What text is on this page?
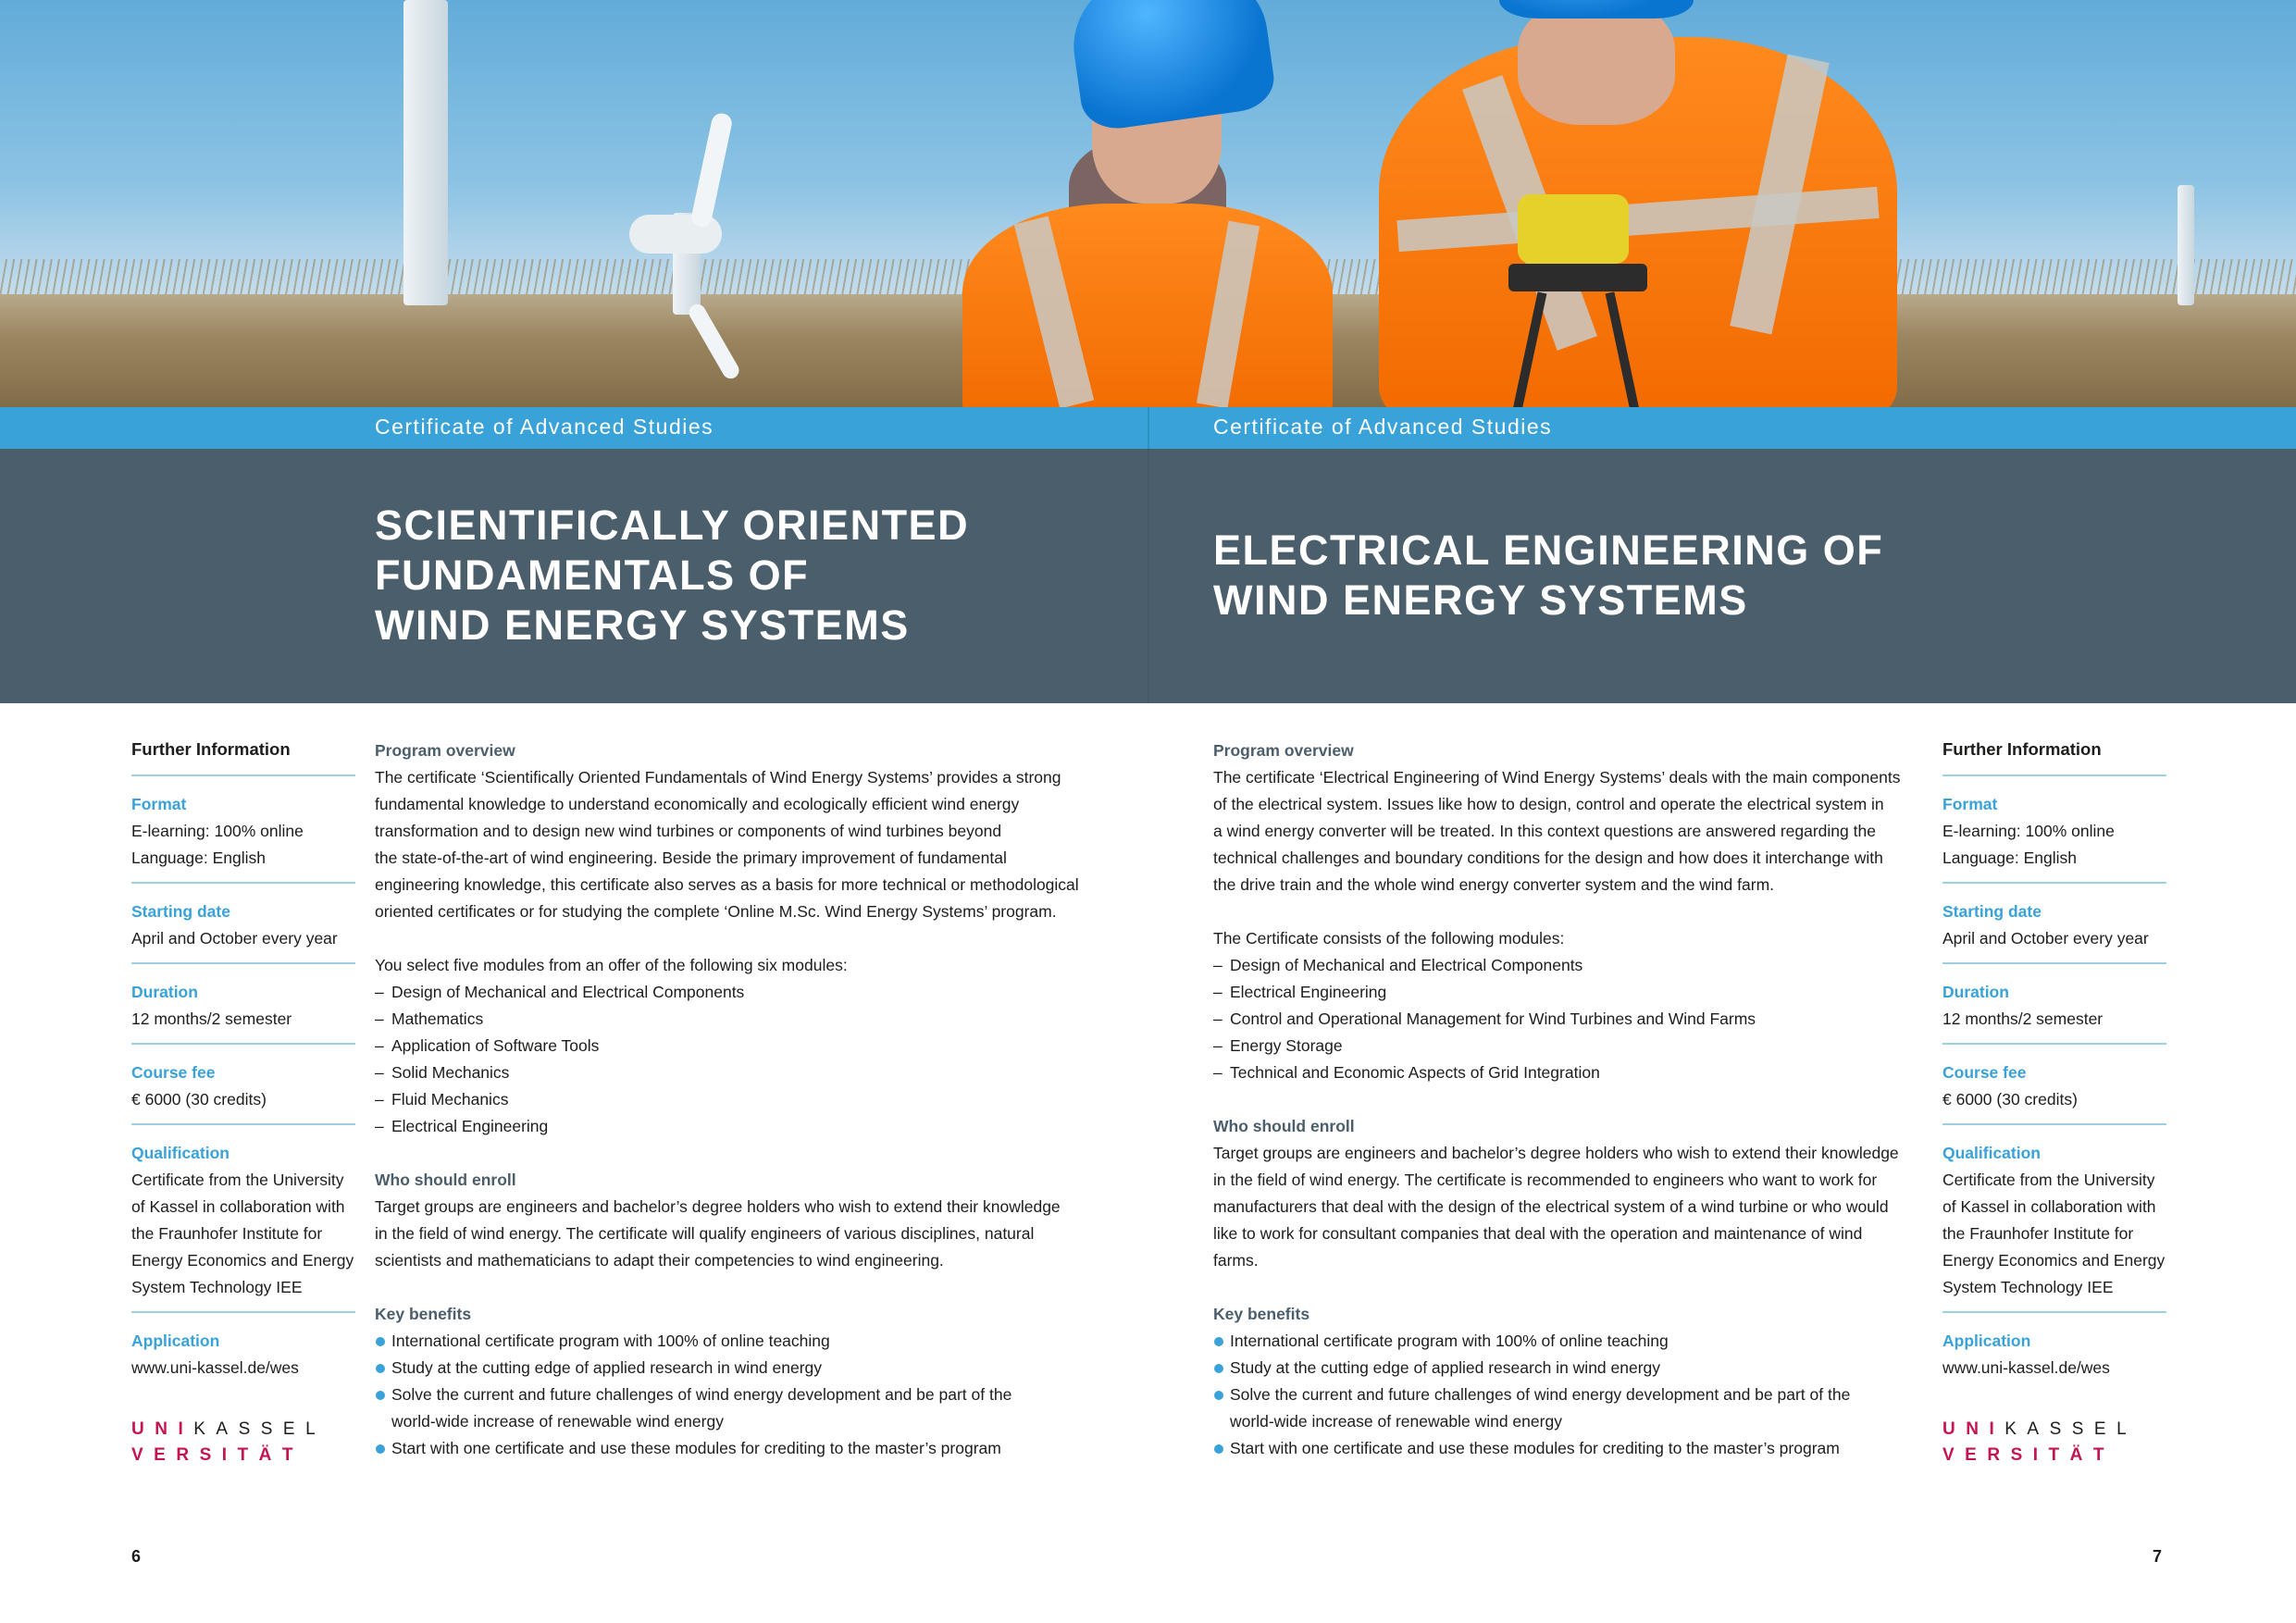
Certificate of Advanced Studies	Certificate of Advanced Studies
SCIENTIFICALLY ORIENTED
FUNDAMENTALS OF
WIND ENERGY SYSTEMS
ELECTRICAL ENGINEERING OF
WIND ENERGY SYSTEMS
Further Information
Format
E-learning: 100% online
Language: English
Starting date
April and October every year
Duration
12 months/2 semester
Course fee
€ 6000 (30 credits)
Qualification
Certificate from the University
of Kassel in collaboration with
the Fraunhofer Institute for
Energy Economics and Energy
System Technology IEE
Application
www.uni-kassel.de/wes
UNIKASSEL
VERSITÄT
Program overview
The certificate ‘Scientifically Oriented Fundamentals of Wind Energy Systems’ provides a strong
fundamental knowledge to understand economically and ecologically efficient wind energy
transformation and to design new wind turbines or components of wind turbines beyond
the state-of-the-art of wind engineering. Beside the primary improvement of fundamental
engineering knowledge, this certificate also serves as a basis for more technical or methodological
oriented certificates or for studying the complete ‘Online M.Sc. Wind Energy Systems’ program.
You select five modules from an offer of the following six modules:
– Design of Mechanical and Electrical Components
– Mathematics
– Application of Software Tools
– Solid Mechanics
– Fluid Mechanics
– Electrical Engineering
Who should enroll
Target groups are engineers and bachelor’s degree holders who wish to extend their knowledge
in the field of wind energy. The certificate will qualify engineers of various disciplines, natural
scientists and mathematicians to adapt their competencies to wind engineering.
Key benefits
International certificate program with 100% of online teaching
Study at the cutting edge of applied research in wind energy
Solve the current and future challenges of wind energy development and be part of the
world-wide increase of renewable wind energy
Start with one certificate and use these modules for crediting to the master’s program
Program overview
The certificate ‘Electrical Engineering of Wind Energy Systems’ deals with the main components
of the electrical system. Issues like how to design, control and operate the electrical system in
a wind energy converter will be treated. In this context questions are answered regarding the
technical challenges and boundary conditions for the design and how does it interchange with
the drive train and the whole wind energy converter system and the wind farm.
The Certificate consists of the following modules:
– Design of Mechanical and Electrical Components
– Electrical Engineering
– Control and Operational Management for Wind Turbines and Wind Farms
– Energy Storage
– Technical and Economic Aspects of Grid Integration
Who should enroll
Target groups are engineers and bachelor’s degree holders who wish to extend their knowledge
in the field of wind energy. The certificate is recommended to engineers who want to work for
manufacturers that deal with the design of the electrical system of a wind turbine or who would
like to work for consultant companies that deal with the operation and maintenance of wind
farms.
Key benefits
International certificate program with 100% of online teaching
Study at the cutting edge of applied research in wind energy
Solve the current and future challenges of wind energy development and be part of the
world-wide increase of renewable wind energy
Start with one certificate and use these modules for crediting to the master’s program
Further Information
Format
E-learning: 100% online
Language: English
Starting date
April and October every year
Duration
12 months/2 semester
Course fee
€ 6000 (30 credits)
Qualification
Certificate from the University
of Kassel in collaboration with
the Fraunhofer Institute for
Energy Economics and Energy
System Technology IEE
Application
www.uni-kassel.de/wes
UNIKASSEL
VERSITÄT
6	7
